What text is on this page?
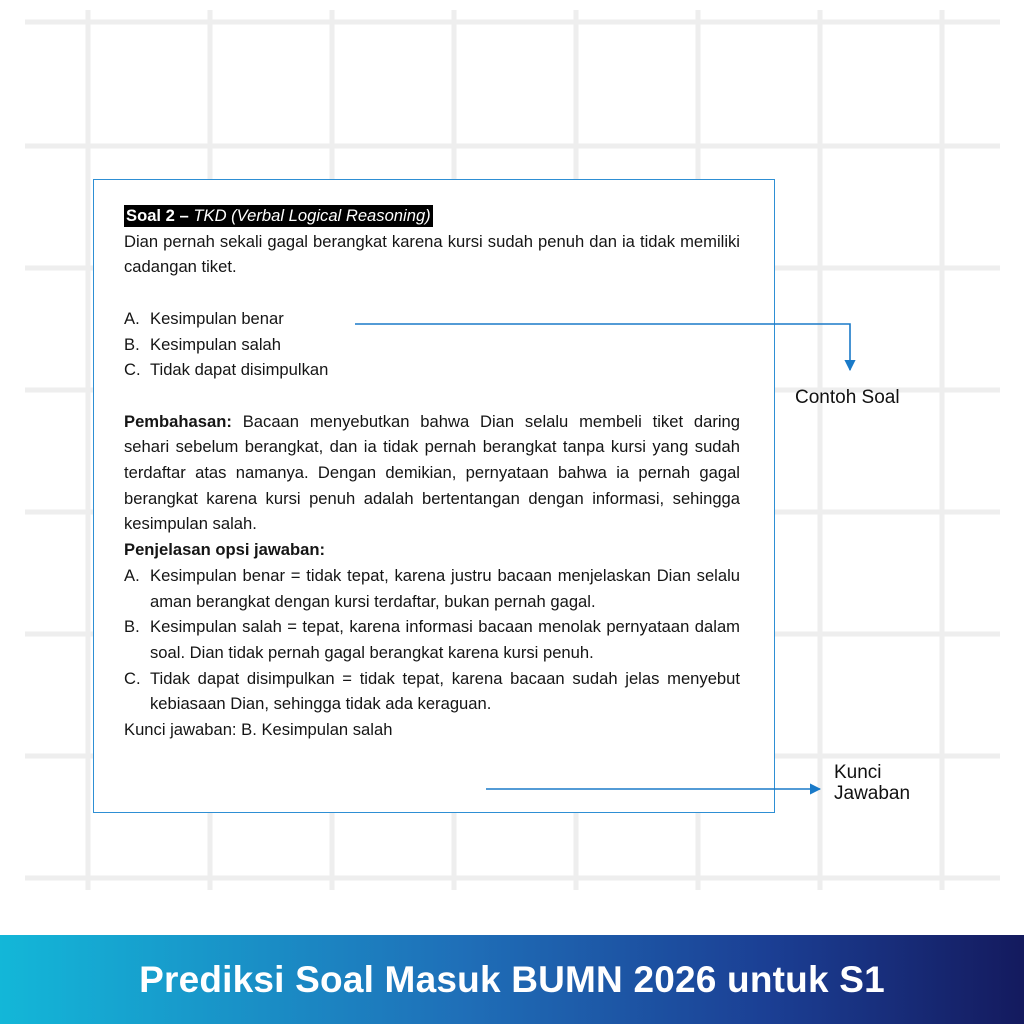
Soal 2 – TKD (Verbal Logical Reasoning)

Dian pernah sekali gagal berangkat karena kursi sudah penuh dan ia tidak memiliki cadangan tiket.

A. Kesimpulan benar
B. Kesimpulan salah
C. Tidak dapat disimpulkan

Pembahasan: Bacaan menyebutkan bahwa Dian selalu membeli tiket daring sehari sebelum berangkat, dan ia tidak pernah berangkat tanpa kursi yang sudah terdaftar atas namanya. Dengan demikian, pernyataan bahwa ia pernah gagal berangkat karena kursi penuh adalah bertentangan dengan informasi, sehingga kesimpulan salah.

Penjelasan opsi jawaban:

A. Kesimpulan benar = tidak tepat, karena justru bacaan menjelaskan Dian selalu aman berangkat dengan kursi terdaftar, bukan pernah gagal.
B. Kesimpulan salah = tepat, karena informasi bacaan menolak pernyataan dalam soal. Dian tidak pernah gagal berangkat karena kursi penuh.
C. Tidak dapat disimpulkan = tidak tepat, karena bacaan sudah jelas menyebut kebiasaan Dian, sehingga tidak ada keraguan.

Kunci jawaban: B. Kesimpulan salah

Contoh Soal
Kunci Jawaban
Prediksi Soal Masuk BUMN 2026 untuk S1
